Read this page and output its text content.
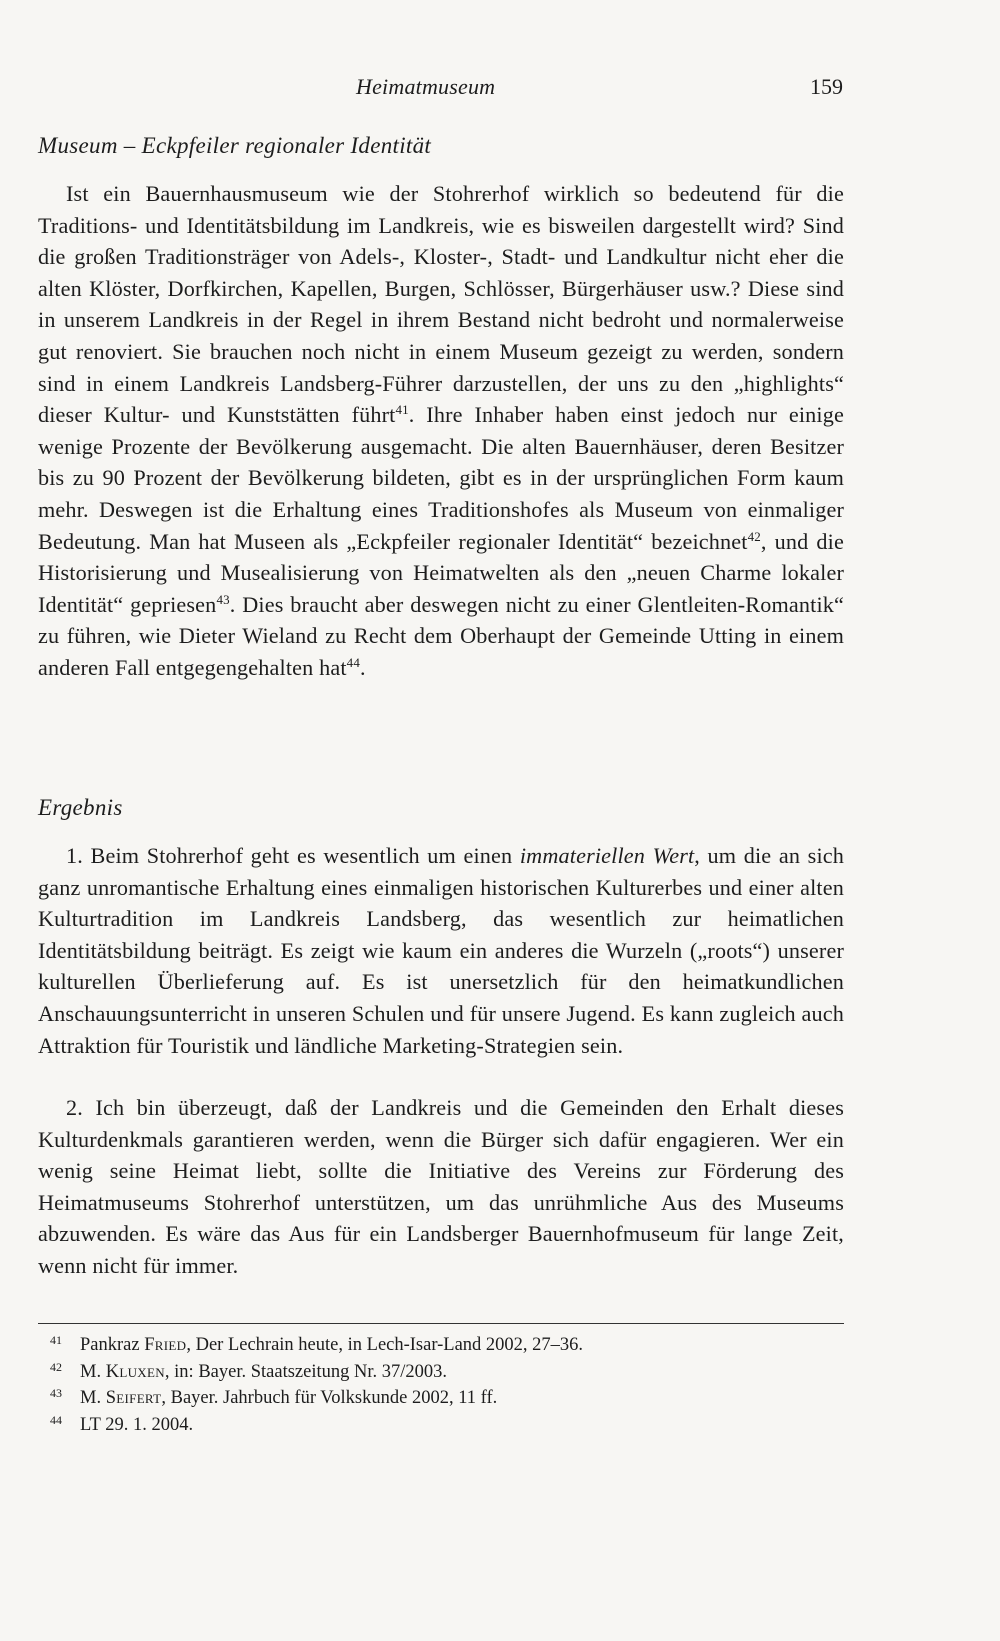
Heimatmuseum	159
Museum – Eckpfeiler regionaler Identität

Ist ein Bauernhausmuseum wie der Stohrerhof wirklich so bedeutend für die Traditions- und Identitätsbildung im Landkreis, wie es bisweilen dargestellt wird? Sind die großen Traditionsträger von Adels-, Kloster-, Stadt- und Landkultur nicht eher die alten Klöster, Dorfkirchen, Kapellen, Burgen, Schlösser, Bürgerhäuser usw.? Diese sind in unserem Landkreis in der Regel in ihrem Bestand nicht bedroht und normalerweise gut renoviert. Sie brauchen noch nicht in einem Museum gezeigt zu werden, sondern sind in einem Landkreis Landsberg-Führer darzustellen, der uns zu den „highlights“ dieser Kultur- und Kunststätten führt$^{41}$. Ihre Inhaber haben einst jedoch nur einige wenige Prozente der Bevölkerung ausgemacht. Die alten Bauernhäuser, deren Besitzer bis zu 90 Prozent der Bevölkerung bildeten, gibt es in der ursprünglichen Form kaum mehr. Deswegen ist die Erhaltung eines Traditionshofes als Museum von einmaliger Bedeutung. Man hat Museen als „Eckpfeiler regionaler Identität“ bezeichnet$^{42}$, und die Historisierung und Musealisierung von Heimatwelten als den „neuen Charme lokaler Identität“ gepriesen$^{43}$. Dies braucht aber deswegen nicht zu einer Glentleiten-Romantik“ zu führen, wie Dieter Wieland zu Recht dem Oberhaupt der Gemeinde Utting in einem anderen Fall entgegengehalten hat$^{44}$.

Ergebnis

1. Beim Stohrerhof geht es wesentlich um einen immateriellen Wert, um die an sich ganz unromantische Erhaltung eines einmaligen historischen Kulturerbes und einer alten Kulturtradition im Landkreis Landsberg, das wesentlich zur heimatlichen Identitätsbildung beiträgt. Es zeigt wie kaum ein anderes die Wurzeln („roots“) unserer kulturellen Überlieferung auf. Es ist unersetzlich für den heimatkundlichen Anschauungsunterricht in unseren Schulen und für unsere Jugend. Es kann zugleich auch Attraktion für Touristik und ländliche Marketing-Strategien sein.

2. Ich bin überzeugt, daß der Landkreis und die Gemeinden den Erhalt dieses Kulturdenkmals garantieren werden, wenn die Bürger sich dafür engagieren. Wer ein wenig seine Heimat liebt, sollte die Initiative des Vereins zur Förderung des Heimatmuseums Stohrerhof unterstützen, um das unrühmliche Aus des Museums abzuwenden. Es wäre das Aus für ein Landsberger Bauernhofmuseum für lange Zeit, wenn nicht für immer.

41 Pankraz Fried, Der Lechrain heute, in Lech-Isar-Land 2002, 27–36.
42 M. Kluxen, in: Bayer. Staatszeitung Nr. 37/2003.
43 M. Seifert, Bayer. Jahrbuch für Volkskunde 2002, 11 ff.
44 LT 29. 1. 2004.
